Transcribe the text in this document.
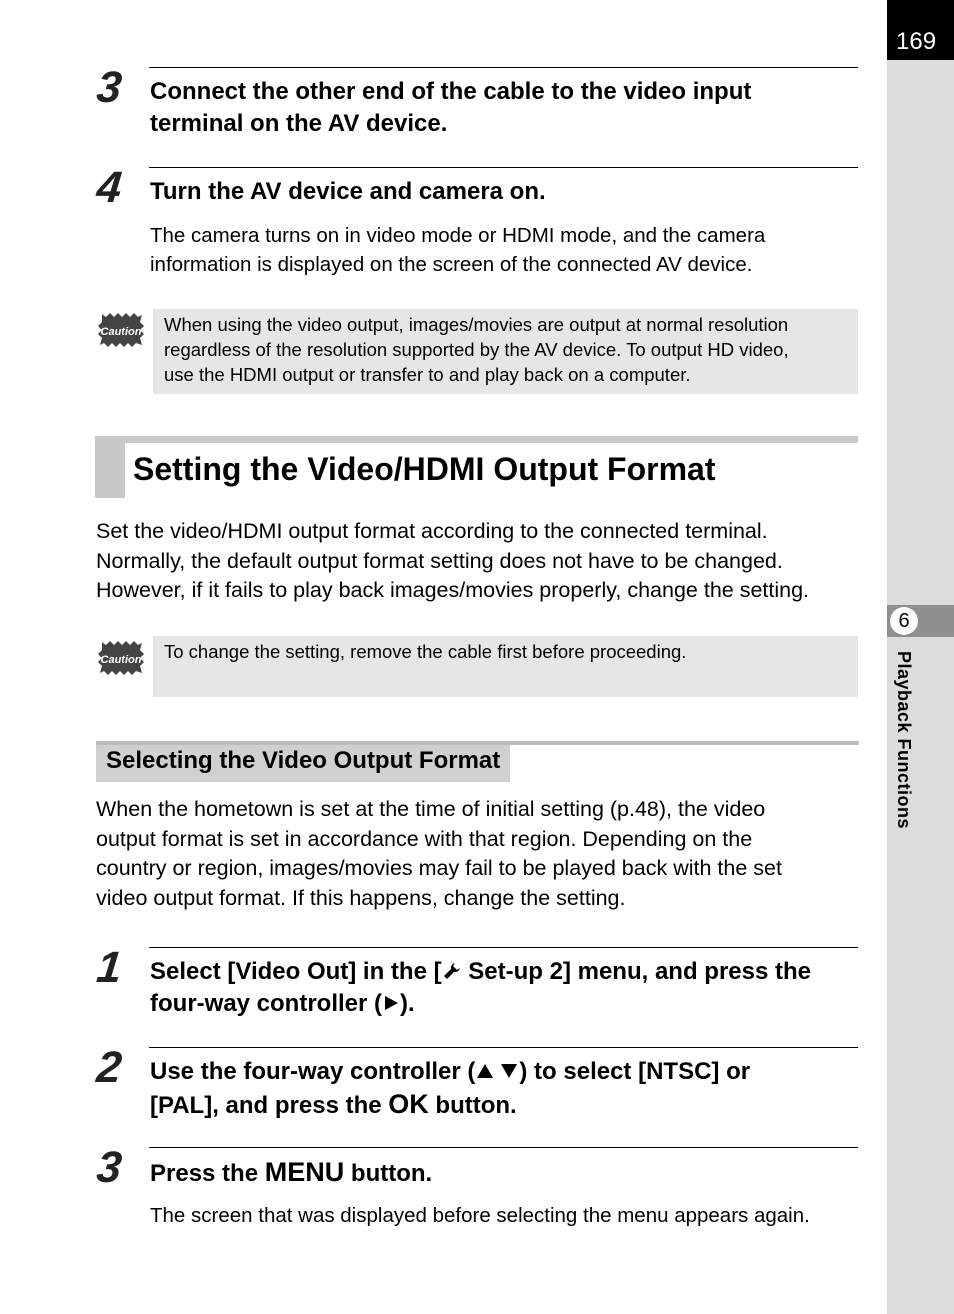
169
6
Playback Functions
3 Connect the other end of the cable to the video input
terminal on the AV device.
4 Turn the AV device and camera on.
The camera turns on in video mode or HDMI mode, and the camera
information is displayed on the screen of the connected AV device.
Caution When using the video output, images/movies are output at normal resolution
regardless of the resolution supported by the AV device. To output HD video,
use the HDMI output or transfer to and play back on a computer.
Setting the Video/HDMI Output Format
Set the video/HDMI output format according to the connected terminal.
Normally, the default output format setting does not have to be changed.
However, if it fails to play back images/movies properly, change the setting.
Caution To change the setting, remove the cable first before proceeding.
Selecting the Video Output Format
When the hometown is set at the time of initial setting (p.48), the video
output format is set in accordance with that region. Depending on the
country or region, images/movies may fail to be played back with the set
video output format. If this happens, change the setting.
1 Select [Video Out] in the [ Set-up 2] menu, and press the
four-way controller ( ).
2 Use the four-way controller ( ) to select [NTSC] or
[PAL], and press the OK button.
3 Press the MENU button.
The screen that was displayed before selecting the menu appears again.
